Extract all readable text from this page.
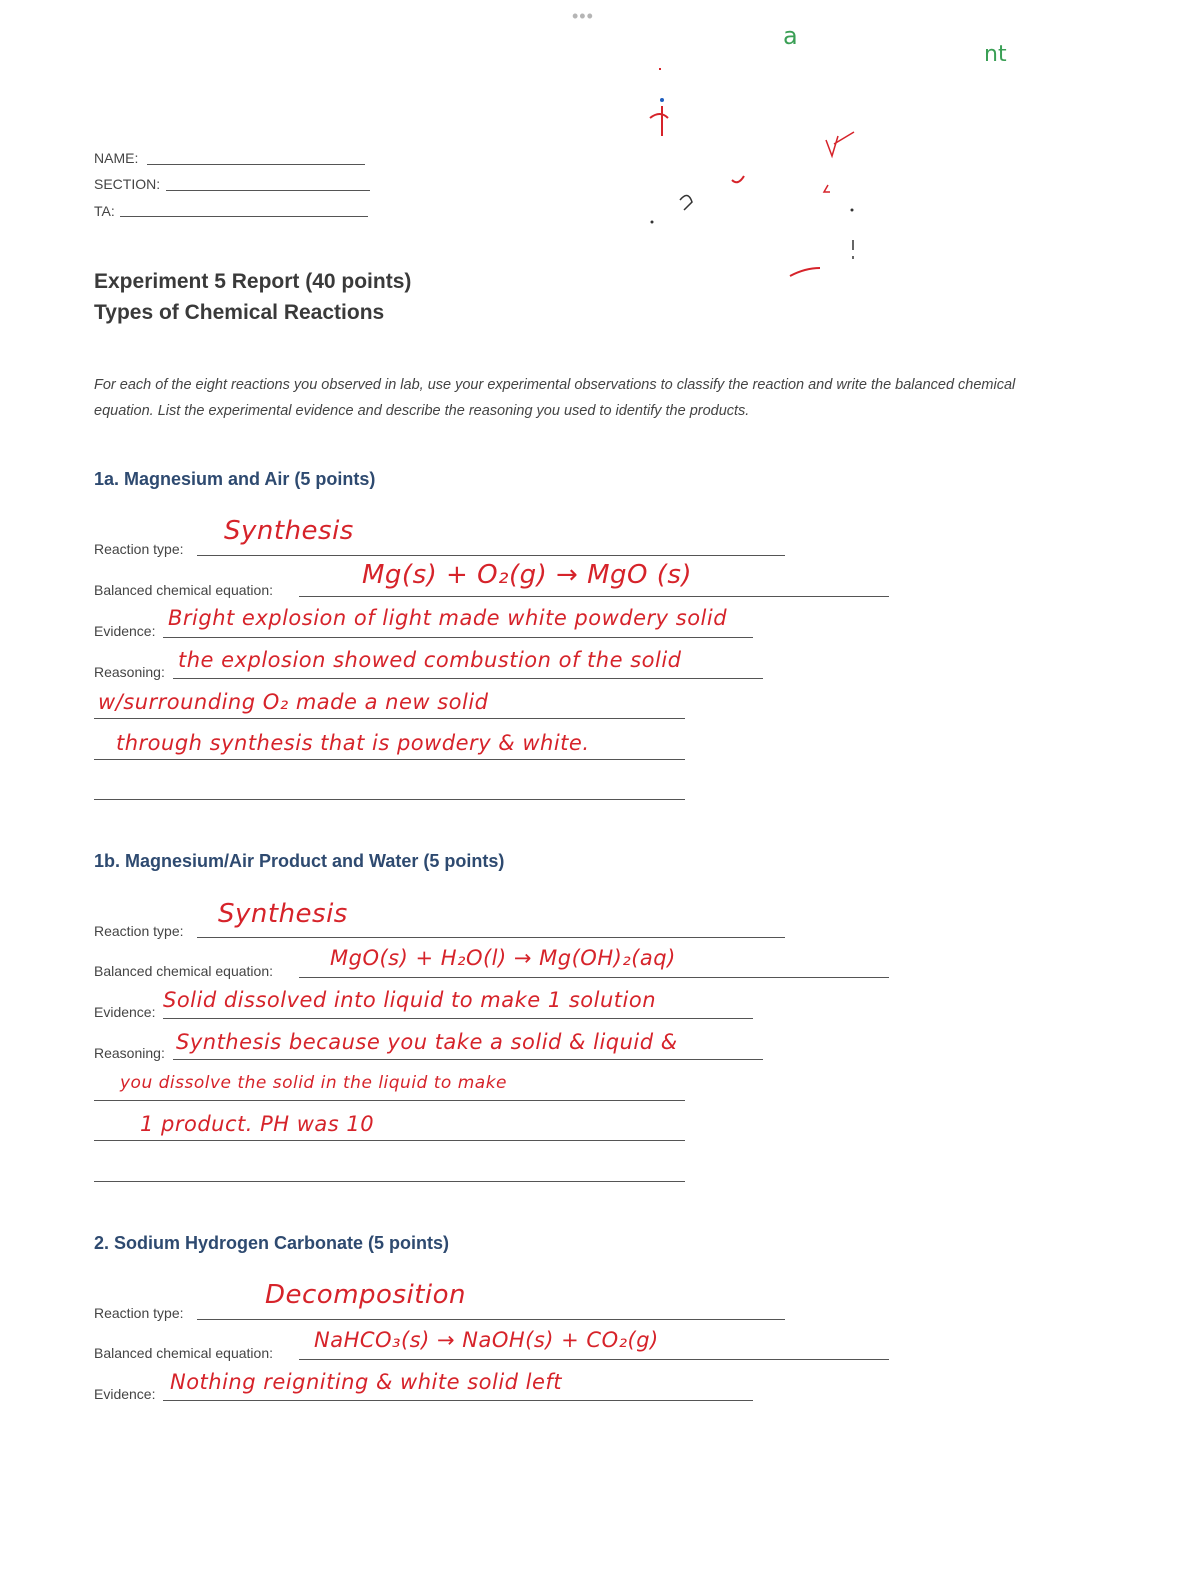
•••
a
nt
NAME:
SECTION:
TA:
Experiment 5 Report (40 points)
Types of Chemical Reactions
For each of the eight reactions you observed in lab, use your experimental observations to classify the reaction and write the balanced chemical equation. List the experimental evidence and describe the reasoning you used to identify the products.
1a. Magnesium and Air (5 points)
Reaction type:
Synthesis
Balanced chemical equation:	Mg(s) + O₂(g) → MgO (s)
Evidence:
Bright explosion of light made white powdery solid
Reasoning: the explosion showed combustion of the solid
w/surrounding O₂ made a new solid
through synthesis that is powdery & white.
1b. Magnesium/Air Product and Water (5 points)
Reaction type:
Synthesis
Balanced chemical equation:
MgO(s) + H₂O(l) → Mg(OH)₂(aq)
Evidence: Solid dissolved into liquid to make 1 solution
Reasoning: Synthesis because you take a solid & liquid &
you dissolve the solid in the liquid to make
1 product. PH was 10
2. Sodium Hydrogen Carbonate (5 points)
Reaction type:
Decomposition
Balanced chemical equation:
NaHCO₃(s) → NaOH(s) + CO₂(g)
Evidence: Nothing reigniting & white solid left
